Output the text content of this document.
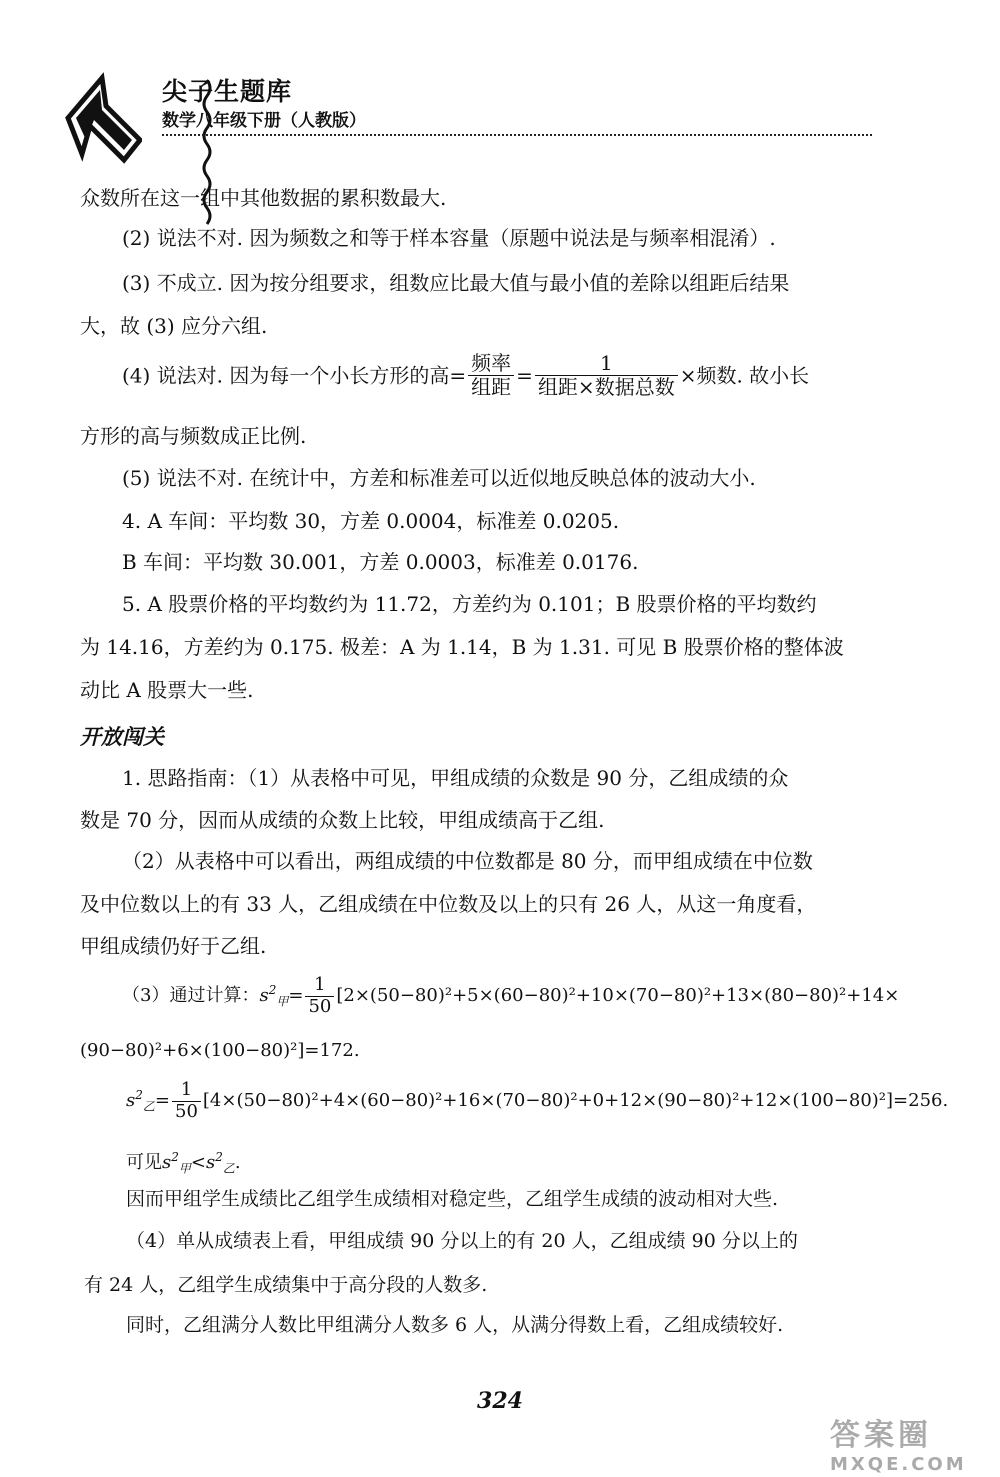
尖子生题库
数学八年级下册（人教版）
众数所在这一组中其他数据的累积数最大.
(2) 说法不对. 因为频数之和等于样本容量（原题中说法是与频率相混淆）.
(3) 不成立. 因为按分组要求，组数应比最大值与最小值的差除以组距后结果
大，故 (3) 应分六组.
(4) 说法对. 因为每一个小长方形的高= $\frac{\text{频率}}{\text{组距}} = \frac{1}{\text{组距×数据总数}}$ ×频数. 故小长
方形的高与频数成正比例.
(5) 说法不对. 在统计中，方差和标准差可以近似地反映总体的波动大小.
4. A 车间：平均数 30，方差 0.0004，标准差 0.0205.
B 车间：平均数 30.001，方差 0.0003，标准差 0.0176.
5. A 股票价格的平均数约为 11.72，方差约为 0.101；B 股票价格的平均数约
为 14.16，方差约为 0.175. 极差：A 为 1.14，B 为 1.31. 可见 B 股票价格的整体波
动比 A 股票大一些.
开放闯关
1. 思路指南：（1）从表格中可见，甲组成绩的众数是 90 分，乙组成绩的众
数是 70 分，因而从成绩的众数上比较，甲组成绩高于乙组.
（2）从表格中可以看出，两组成绩的中位数都是 80 分，而甲组成绩在中位数
及中位数以上的有 33 人，乙组成绩在中位数及以上的只有 26 人，从这一角度看，
甲组成绩仍好于乙组.
（3）通过计算：$s^2_甲= \frac{1}{50} [2\times(50-80)^2+5\times(60-80)^2+10\times(70-80)^2+13\times(80-80)^2+14\times$
(90−80)²+6×(100−80)²]=172.
$s^2_乙= \frac{1}{50} [4\times(50-80)^2+4\times(60-80)^2+16\times(70-80)^2+0+12\times(90-80)^2+12\times(100-80)^2]=256$.
可见$s^2_甲<s^2_乙$.
因而甲组学生成绩比乙组学生成绩相对稳定些，乙组学生成绩的波动相对大些.
（4）单从成绩表上看，甲组成绩 90 分以上的有 20 人，乙组成绩 90 分以上的
有 24 人，乙组学生成绩集中于高分段的人数多.
同时，乙组满分人数比甲组满分人数多 6 人，从满分得数上看，乙组成绩较好.
324
答案圈
MXQE.COM
